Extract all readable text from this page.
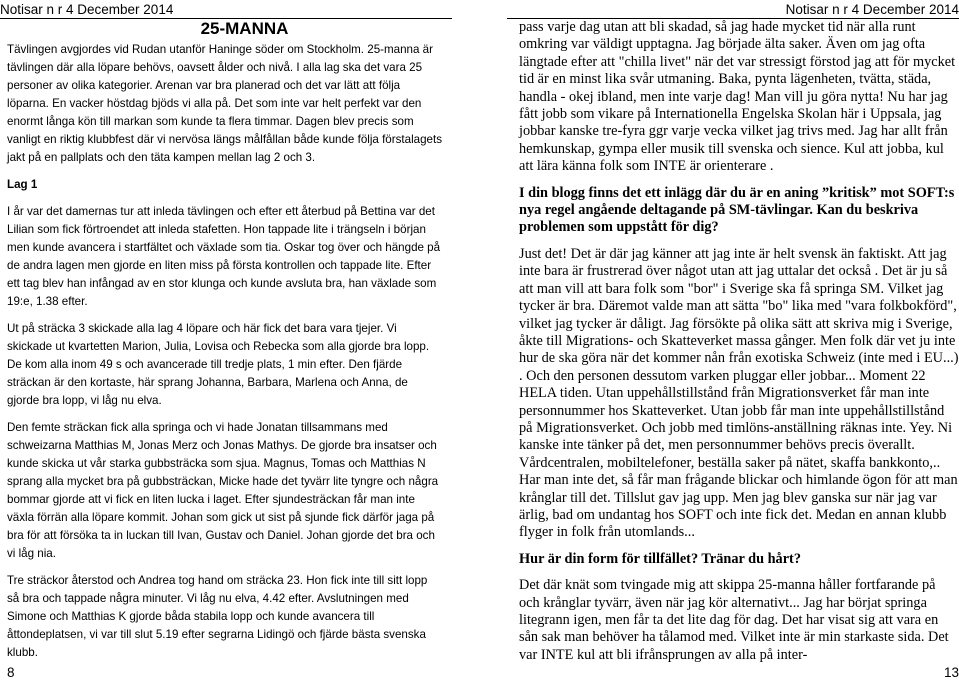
Notisar n r 4 December 2014
25-MANNA

Tävlingen avgjordes vid Rudan utanför Haninge söder om Stockholm. 25-manna är tävlingen där alla löpare behövs, oavsett ålder och nivå. I alla lag ska det vara 25 personer av olika kategorier. Arenan var bra planerad och det var lätt att följa löparna. En vacker höstdag bjöds vi alla på. Det som inte var helt perfekt var den enormt långa kön till markan som kunde ta flera timmar. Dagen blev precis som vanligt en riktig klubbfest där vi nervösa längs målfållan både kunde följa förstalagets jakt på en pallplats och den täta kampen mellan lag 2 och 3.

Lag 1

I år var det damernas tur att inleda tävlingen och efter ett återbud på Bettina var det Lilian som fick förtroendet att inleda stafetten. Hon tappade lite i trängseln i början men kunde avancera i startfältet och växlade som tia. Oskar tog över och hängde på de andra lagen men gjorde en liten miss på första kontrollen och tappade lite. Efter ett tag blev han infångad av en stor klunga och kunde avsluta bra, han växlade som 19:e, 1.38 efter.

Ut på sträcka 3 skickade alla lag 4 löpare och här fick det bara vara tjejer. Vi skickade ut kvartetten Marion, Julia, Lovisa och Rebecka som alla gjorde bra lopp. De kom alla inom 49 s och avancerade till tredje plats, 1 min efter. Den fjärde sträckan är den kortaste, här sprang Johanna, Barbara, Marlena och Anna, de gjorde bra lopp, vi låg nu elva.

Den femte sträckan fick alla springa och vi hade Jonatan tillsammans med schweizarna Matthias M, Jonas Merz och Jonas Mathys. De gjorde bra insatser och kunde skicka ut vår starka gubbsträcka som sjua. Magnus, Tomas och Matthias N sprang alla mycket bra på gubbsträckan, Micke hade det tyvärr lite tyngre och några bommar gjorde att vi fick en liten lucka i laget. Efter sjundesträckan får man inte växla förrän alla löpare kommit. Johan som gick ut sist på sjunde fick därför jaga på bra för att försöka ta in luckan till Ivan, Gustav och Daniel. Johan gjorde det bra och vi låg nia.

Tre sträckor återstod och Andrea tog hand om sträcka 23. Hon fick inte till sitt lopp så bra och tappade några minuter. Vi låg nu elva, 4.42 efter. Avslutningen med Simone och Matthias K gjorde båda stabila lopp och kunde avancera till åttondeplatsen, vi var till slut 5.19 efter segrarna Lidingö och fjärde bästa svenska klubb.

8
Notisar n r 4 December 2014

pass varje dag utan att bli skadad, så jag hade mycket tid när alla runt omkring var väldigt upptagna. Jag började älta saker. Även om jag ofta längtade efter att "chilla livet" när det var stressigt förstod jag att för mycket tid är en minst lika svår utmaning. Baka, pynta lägenheten, tvätta, städa, handla - okej ibland, men inte varje dag! Man vill ju göra nytta! Nu har jag fått jobb som vikare på Internationella Engelska Skolan här i Uppsala, jag jobbar kanske tre-fyra ggr varje vecka vilket jag trivs med. Jag har allt från hemkunskap, gympa eller musik till svenska och sience. Kul att jobba, kul att lära känna folk som INTE är orienterare .

I din blogg finns det ett inlägg där du är en aning ”kritisk” mot SOFT:s nya regel angående deltagande på SM-tävlingar. Kan du beskriva problemen som uppstått för dig?

Just det! Det är där jag känner att jag inte är helt svensk än faktiskt. Att jag inte bara är frustrerad över något utan att jag uttalar det också . Det är ju så att man vill att bara folk som "bor" i Sverige ska få springa SM. Vilket jag tycker är bra. Däremot valde man att sätta "bo" lika med "vara folkbokförd", vilket jag tycker är dåligt. Jag försökte på olika sätt att skriva mig i Sverige, åkte till Migrations- och Skatteverket massa gånger. Men folk där vet ju inte hur de ska göra när det kommer nån från exotiska Schweiz (inte med i EU...) . Och den personen dessutom varken pluggar eller jobbar... Moment 22 HELA tiden. Utan uppehållstillstånd från Migrationsverket får man inte personnummer hos Skatteverket. Utan jobb får man inte uppehållstillstånd på Migrationsverket. Och jobb med timlöns-anställning räknas inte. Yey. Ni kanske inte tänker på det, men personnummer behövs precis överallt. Vårdcentralen, mobiltelefoner, beställa saker på nätet, skaffa bankkonto,.. Har man inte det, så får man frågande blickar och himlande ögon för att man krånglar till det. Tillslut gav jag upp. Men jag blev ganska sur när jag var ärlig, bad om undantag hos SOFT och inte fick det. Medan en annan klubb flyger in folk från utomlands...

Hur är din form för tillfället? Tränar du hårt?

Det där knät som tvingade mig att skippa 25-manna håller fortfarande på och krånglar tyvärr, även när jag kör alternativt... Jag har börjat springa litegrann igen, men får ta det lite dag för dag. Det har visat sig att vara en sån sak man behöver ha tålamod med. Vilket inte är min starkaste sida. Det var INTE kul att bli ifrånsprungen av alla på inter-

13
